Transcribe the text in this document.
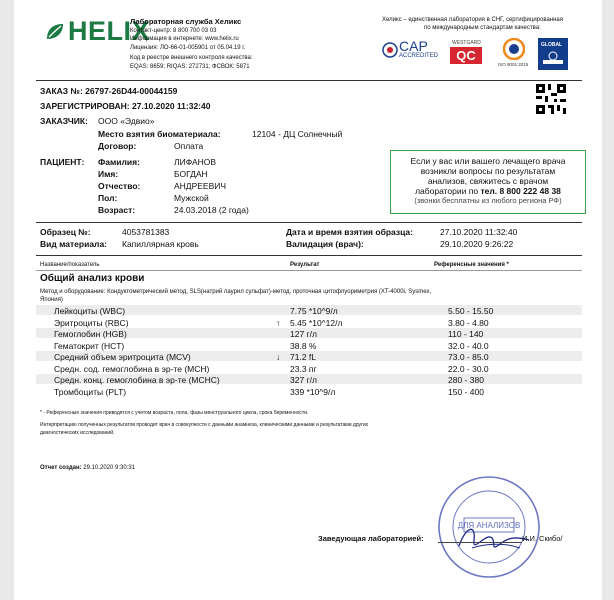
HELIX
Лабораторная служба Хеликс
Контакт-центр: 8 800 700 03 03
Информация в интернете: www.helix.ru
Лицензия: ЛО-66-01-005901 от 05.04.19 г.
Код в реестре внешнего контроля качества:
EQAS: 8659; RIQAS: 272731; ФСВОК: 5871
Хеликс – единственная лаборатория в СНГ, сертифицированная
по международным стандартам качества:
CAP
ACCREDITED
WESTGARD
QC
ISO 9001:2015
GLOBAL
ЗАКАЗ №: 26797-26D44-00044159
ЗАРЕГИСТРИРОВАН: 27.10.2020 11:32:40
ЗАКАЗЧИК: ООО «Эдвио»
Место взятия биоматериала:	12104 - ДЦ Солнечный
Договор:	Оплата
ПАЦИЕНТ: Фамилия:	ЛИФАНОВ
Имя:	БОГДАН
Отчество:	АНДРЕЕВИЧ
Пол:	Мужской
Возраст:	24.03.2018 (2 года)
Если у вас или вашего лечащего врача
возникли вопросы по результатам
анализов, свяжитесь с врачом
лаборатории по тел. 8 800 222 48 38
(звонки бесплатны из любого региона РФ)
Образец №:	4053781383
Вид материала: Капиллярная кровь
Дата и время взятия образца:	27.10.2020 11:32:40
Валидация (врач):	29.10.2020 9:26:22
Название/показатель	Результат	Референсные значения *
Общий анализ крови
Метод и оборудование: Кондуктометрический метод, SLS(натрий лаурил сульфат)-метод, проточная цитофлуориметрия (XT-4000i, Sysmex,
Япония)
Лейкоциты (WBC)	7.75 *10^9/л	5.50 - 15.50
Эритроциты (RBC)	↑ 5.45 *10^12/л	3.80 - 4.80
Гемоглобин (HGB)	127 г/л	110 - 140
Гематокрит (HCT)	38.8 %	32.0 - 40.0
Средний объем эритроцита (MCV)	↓ 71.2 fL	73.0 - 85.0
Средн. сод. гемоглобина в эр-те (MCH)	23.3 пг	22.0 - 30.0
Средн. конц. гемоглобина в эр-те (MCHC)	327 г/л	280 - 380
Тромбоциты (PLT)	339 *10^9/л	150 - 400
* - Референсные значения приводятся с учетом возраста, пола, фазы менструального цикла, срока беременности.
Интерпретацию полученных результатов проводит врач в совокупности с данными анамнеза, клиническими данными и результатами других
диагностических исследований.
Отчет создан: 29.10.2020 9:30:31
ДЛЯ АНАЛИЗОВ
Заведующая лабораторией:	И.И. Скибо/
